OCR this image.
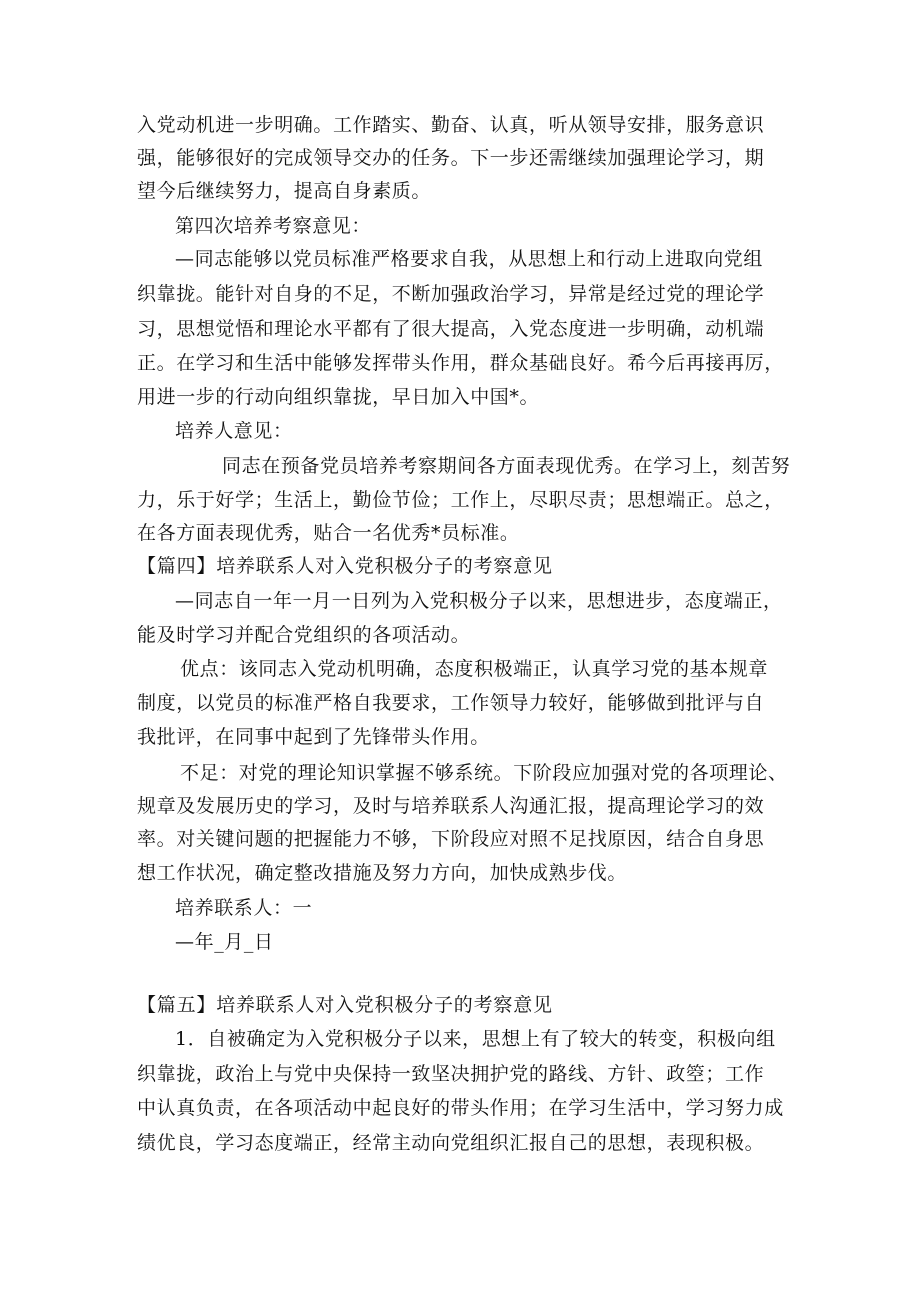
入党动机进一步明确。工作踏实、勤奋、认真，听从领导安排，服务意识
强，能够很好的完成领导交办的任务。下一步还需继续加强理论学习，期
望今后继续努力，提高自身素质。
第四次培养考察意见：
—同志能够以党员标准严格要求自我，从思想上和行动上进取向党组
织靠拢。能针对自身的不足，不断加强政治学习，异常是经过党的理论学
习，思想觉悟和理论水平都有了很大提高，入党态度进一步明确，动机端
正。在学习和生活中能够发挥带头作用，群众基础良好。希今后再接再厉，
用进一步的行动向组织靠拢，早日加入中国*。
培养人意见：
同志在预备党员培养考察期间各方面表现优秀。在学习上，刻苦努
力，乐于好学；生活上，勤俭节俭；工作上，尽职尽责；思想端正。总之，
在各方面表现优秀，贴合一名优秀*员标准。
【篇四】培养联系人对入党积极分子的考察意见
—同志自一年一月一日列为入党积极分子以来，思想进步，态度端正，
能及时学习并配合党组织的各项活动。
优点：该同志入党动机明确，态度积极端正，认真学习党的基本规章
制度，以党员的标准严格自我要求，工作领导力较好，能够做到批评与自
我批评，在同事中起到了先锋带头作用。
不足：对党的理论知识掌握不够系统。下阶段应加强对党的各项理论、
规章及发展历史的学习，及时与培养联系人沟通汇报，提高理论学习的效
率。对关键问题的把握能力不够，下阶段应对照不足找原因，结合自身思
想工作状况，确定整改措施及努力方向，加快成熟步伐。
培养联系人：一
—年_月_日
【篇五】培养联系人对入党积极分子的考察意见
1．自被确定为入党积极分子以来，思想上有了较大的转变，积极向组
织靠拢，政治上与党中央保持一致坚决拥护党的路线、方针、政箜；工作
中认真负责，在各项活动中起良好的带头作用；在学习生活中，学习努力成
绩优良，学习态度端正，经常主动向党组织汇报自己的思想，表现积极。
